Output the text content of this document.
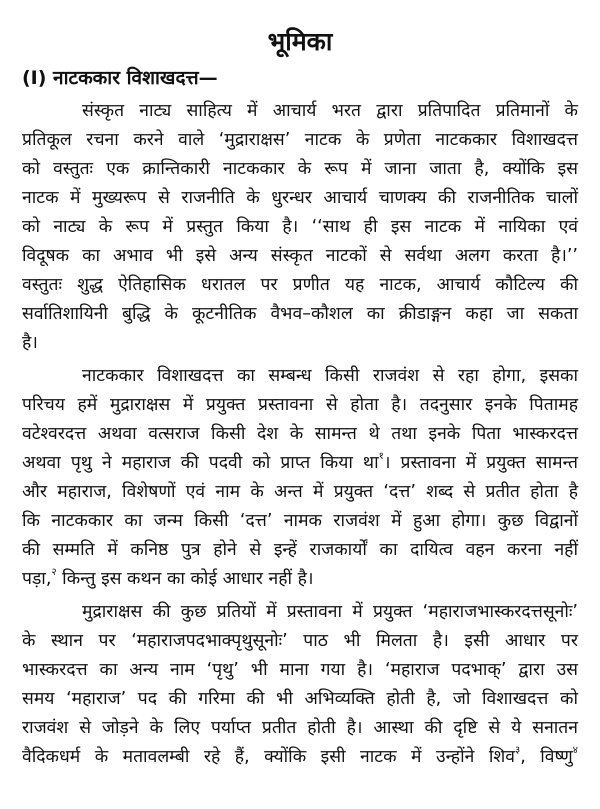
भूमिका
(I) नाटककार विशाखदत्त—
संस्कृत नाट्य साहित्य में आचार्य भरत द्वारा प्रतिपादित प्रतिमानों के
प्रतिकूल रचना करने वाले ‘मुद्राराक्षस’ नाटक के प्रणेता नाटककार विशाखदत्त
को वस्तुतः एक क्रान्तिकारी नाटककार के रूप में जाना जाता है, क्योंकि इस
नाटक में मुख्यरूप से राजनीति के धुरन्धर आचार्य चाणक्य की राजनीतिक चालों
को नाट्य के रूप में प्रस्तुत किया है। ‘‘साथ ही इस नाटक में नायिका एवं
विदूषक का अभाव भी इसे अन्य संस्कृत नाटकों से सर्वथा अलग करता है।’’
वस्तुतः शुद्ध ऐतिहासिक धरातल पर प्रणीत यह नाटक, आचार्य कौटिल्य की
सर्वातिशायिनी बुद्धि के कूटनीतिक वैभव–कौशल का क्रीडाङ्गन कहा जा सकता
है।
नाटककार विशाखदत्त का सम्बन्ध किसी राजवंश से रहा होगा, इसका
परिचय हमें मुद्राराक्षस में प्रयुक्त प्रस्तावना से होता है। तदनुसार इनके पितामह
वटेश्वरदत्त अथवा वत्सराज किसी देश के सामन्त थे तथा इनके पिता भास्करदत्त
अथवा पृथु ने महाराज की पदवी को प्राप्त किया था$^१$। प्रस्तावना में प्रयुक्त सामन्त
और महाराज, विशेषणों एवं नाम के अन्त में प्रयुक्त ‘दत्त’ शब्द से प्रतीत होता है
कि नाटककार का जन्म किसी ‘दत्त’ नामक राजवंश में हुआ होगा। कुछ विद्वानों
की सम्मति में कनिष्ठ पुत्र होने से इन्हें राजकार्यों का दायित्व वहन करना नहीं
पड़ा,$^२$ किन्तु इस कथन का कोई आधार नहीं है।
मुद्राराक्षस की कुछ प्रतियों में प्रस्तावना में प्रयुक्त ‘महाराजभास्करदत्तसूनोः’
के स्थान पर ‘महाराजपदभाक्पृथुसूनोः’ पाठ भी मिलता है। इसी आधार पर
भास्करदत्त का अन्य नाम ‘पृथु’ भी माना गया है। ‘महाराज पदभाक्’ द्वारा उस
समय ‘महाराज’ पद की गरिमा की भी अभिव्यक्ति होती है, जो विशाखदत्त को
राजवंश से जोड़ने के लिए पर्याप्त प्रतीत होती है। आस्था की दृष्टि से ये सनातन
वैदिकधर्म के मतावलम्बी रहे हैं, क्योंकि इसी नाटक में उन्होंने शिव$^३$, विष्णु$^४$
